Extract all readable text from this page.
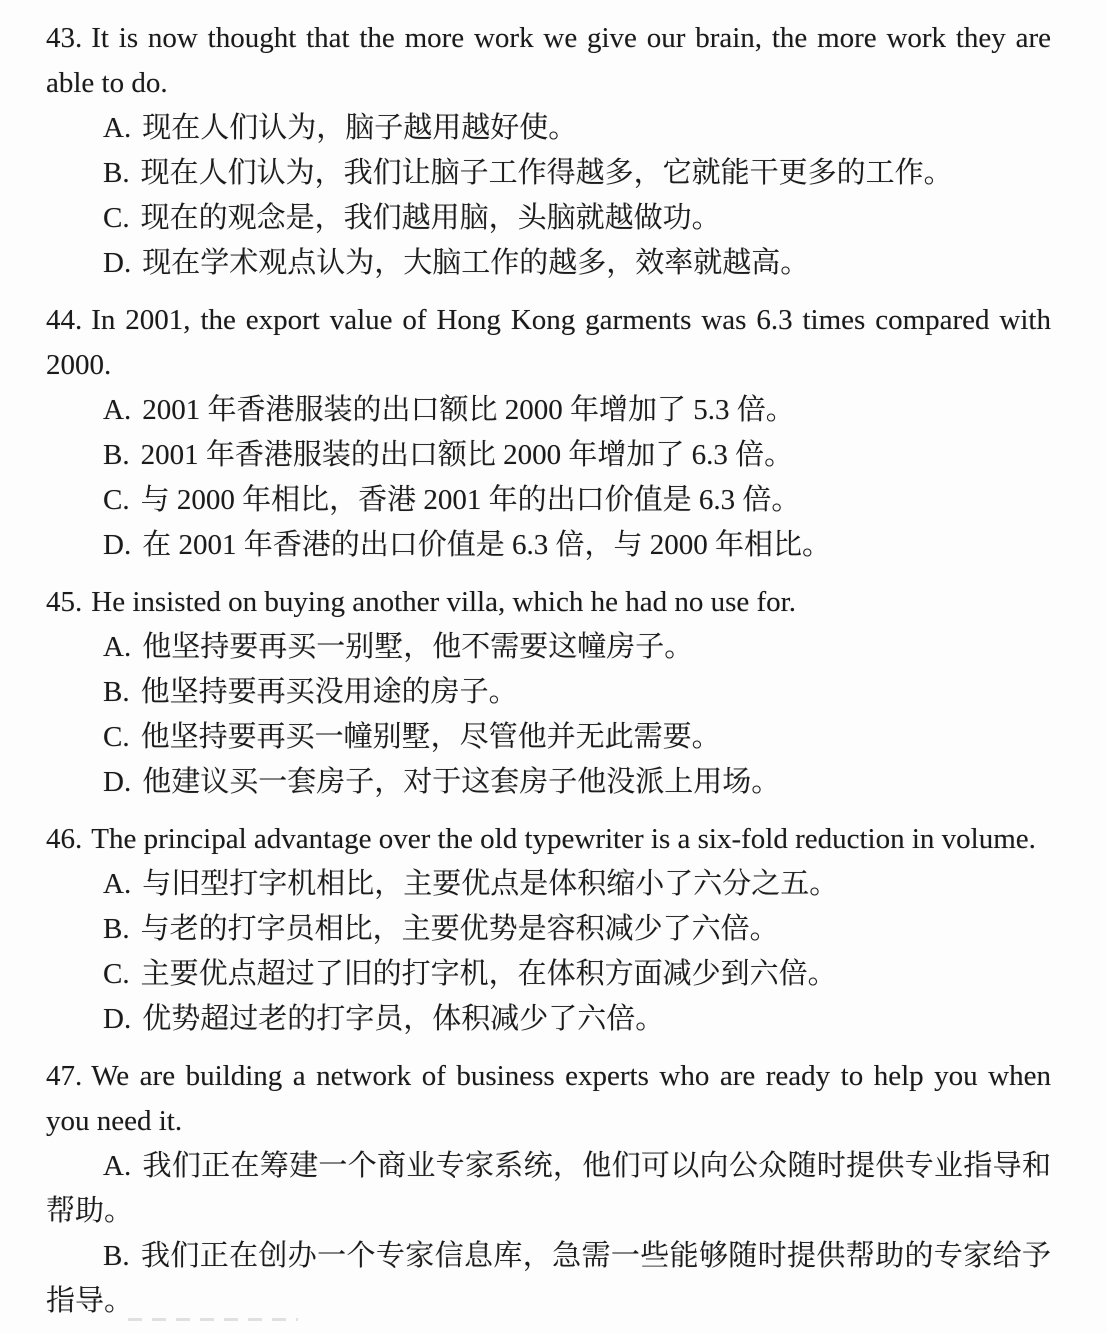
43. It is now thought that the more work we give our brain, the more work they are able to do.

A. 现在人们认为，脑子越用越好使。

B. 现在人们认为，我们让脑子工作得越多，它就能干更多的工作。

C. 现在的观念是，我们越用脑，头脑就越做功。

D. 现在学术观点认为，大脑工作的越多，效率就越高。

44. In 2001, the export value of Hong Kong garments was 6.3 times compared with 2000.

A. 2001 年香港服装的出口额比 2000 年增加了 5.3 倍。

B. 2001 年香港服装的出口额比 2000 年增加了 6.3 倍。

C. 与 2000 年相比，香港 2001 年的出口价值是 6.3 倍。

D. 在 2001 年香港的出口价值是 6.3 倍，与 2000 年相比。

45. He insisted on buying another villa, which he had no use for.

A. 他坚持要再买一别墅，他不需要这幢房子。

B. 他坚持要再买没用途的房子。

C. 他坚持要再买一幢别墅，尽管他并无此需要。

D. 他建议买一套房子，对于这套房子他没派上用场。

46. The principal advantage over the old typewriter is a six-fold reduction in volume.

A. 与旧型打字机相比，主要优点是体积缩小了六分之五。

B. 与老的打字员相比，主要优势是容积减少了六倍。

C. 主要优点超过了旧的打字机，在体积方面减少到六倍。

D. 优势超过老的打字员，体积减少了六倍。

47. We are building a network of business experts who are ready to help you when you need it.

A. 我们正在筹建一个商业专家系统，他们可以向公众随时提供专业指导和帮助。

B. 我们正在创办一个专家信息库，急需一些能够随时提供帮助的专家给予指导。
